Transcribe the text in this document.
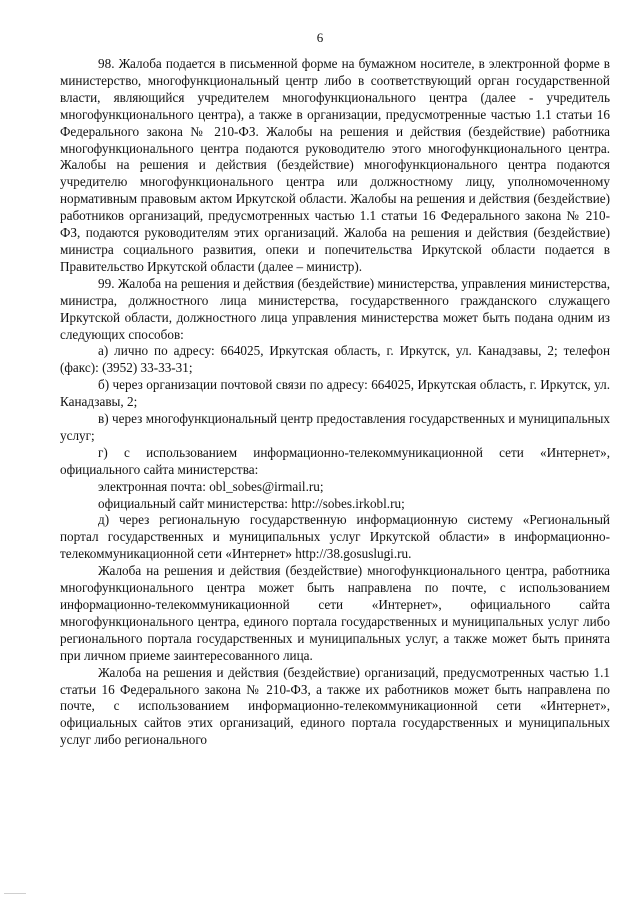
6

98. Жалоба подается в письменной форме на бумажном носителе, в электронной форме в министерство, многофункциональный центр либо в соответствующий орган государственной власти, являющийся учредителем многофункционального центра (далее - учредитель многофункционального центра), а также в организации, предусмотренные частью 1.1 статьи 16 Федерального закона № 210-ФЗ. Жалобы на решения и действия (бездействие) работника многофункционального центра подаются руководителю этого многофункционального центра. Жалобы на решения и действия (бездействие) многофункционального центра подаются учредителю многофункционального центра или должностному лицу, уполномоченному нормативным правовым актом Иркутской области. Жалобы на решения и действия (бездействие) работников организаций, предусмотренных частью 1.1 статьи 16 Федерального закона № 210-ФЗ, подаются руководителям этих организаций. Жалоба на решения и действия (бездействие) министра социального развития, опеки и попечительства Иркутской области подается в Правительство Иркутской области (далее – министр).

99. Жалоба на решения и действия (бездействие) министерства, управления министерства, министра, должностного лица министерства, государственного гражданского служащего Иркутской области, должностного лица управления министерства может быть подана одним из следующих способов:

а) лично по адресу: 664025, Иркутская область, г. Иркутск, ул. Канадзавы, 2; телефон (факс): (3952) 33-33-31;

б) через организации почтовой связи по адресу: 664025, Иркутская область, г. Иркутск, ул. Канадзавы, 2;

в) через многофункциональный центр предоставления государственных и муниципальных услуг;

г) с использованием информационно-телекоммуникационной сети «Интернет», официального сайта министерства:

электронная почта: obl_sobes@irmail.ru;

официальный сайт министерства: http://sobes.irkobl.ru;

д) через региональную государственную информационную систему «Региональный портал государственных и муниципальных услуг Иркутской области» в информационно-телекоммуникационной сети «Интернет» http://38.gosuslugi.ru.

Жалоба на решения и действия (бездействие) многофункционального центра, работника многофункционального центра может быть направлена по почте, с использованием информационно-телекоммуникационной сети «Интернет», официального сайта многофункционального центра, единого портала государственных и муниципальных услуг либо регионального портала государственных и муниципальных услуг, а также может быть принята при личном приеме заинтересованного лица.

Жалоба на решения и действия (бездействие) организаций, предусмотренных частью 1.1 статьи 16 Федерального закона № 210-ФЗ, а также их работников может быть направлена по почте, с использованием информационно-телекоммуникационной сети «Интернет», официальных сайтов этих организаций, единого портала государственных и муниципальных услуг либо регионального
